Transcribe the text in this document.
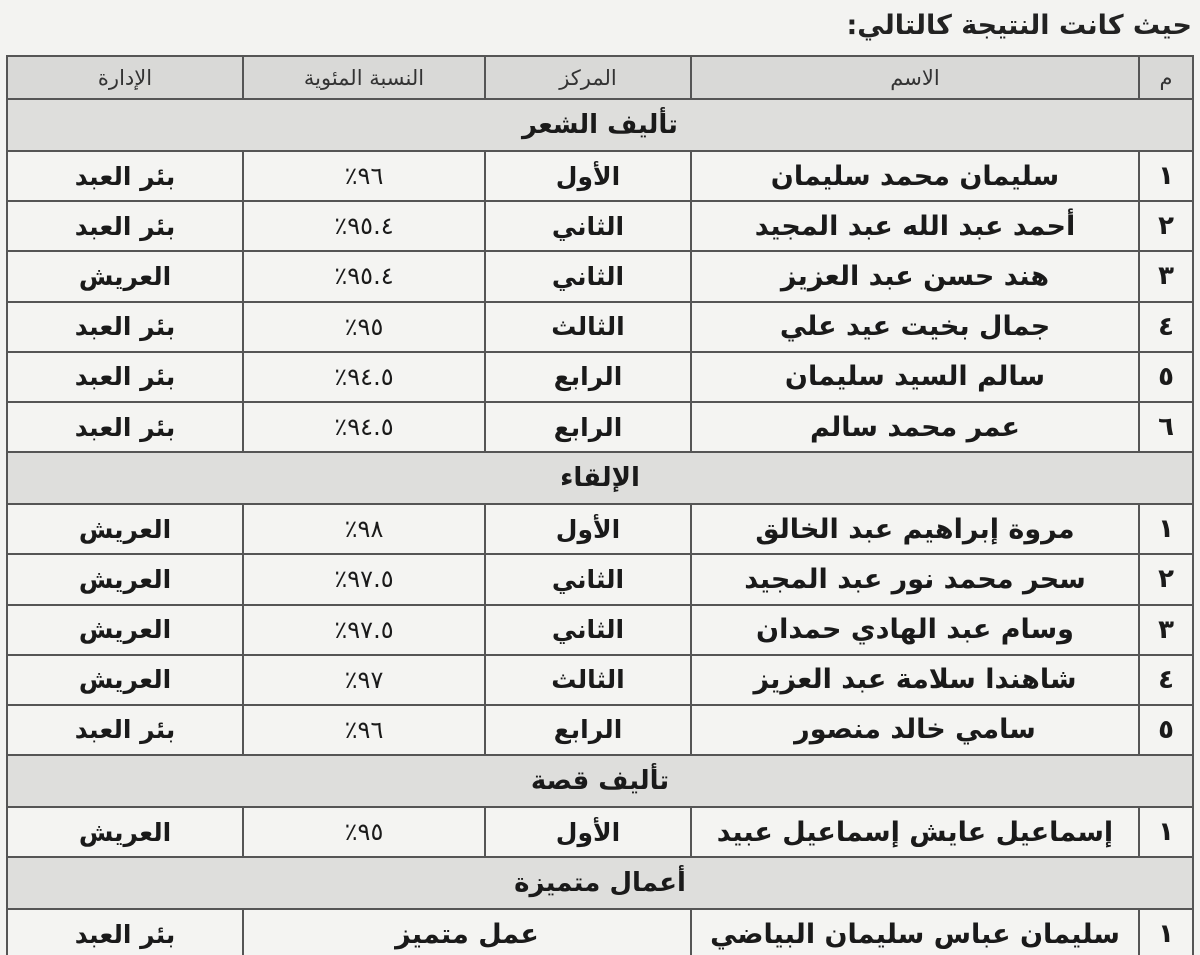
حيث كانت النتيجة كالتالي:
م	الاسم	المركز	النسبة المئوية	الإدارة
تأليف الشعر				
١	سليمان محمد سليمان	الأول	٩٦٪	بئر العبد
٢	أحمد عبد الله عبد المجيد	الثاني	٩٥.٤٪	بئر العبد
٣	هند حسن عبد العزيز	الثاني	٩٥.٤٪	العريش
٤	جمال بخيت عيد علي	الثالث	٩٥٪	بئر العبد
٥	سالم السيد سليمان	الرابع	٩٤.٥٪	بئر العبد
٦	عمر محمد سالم	الرابع	٩٤.٥٪	بئر العبد
الإلقاء				
١	مروة إبراهيم عبد الخالق	الأول	٩٨٪	العريش
٢	سحر محمد نور عبد المجيد	الثاني	٩٧.٥٪	العريش
٣	وسام عبد الهادي حمدان	الثاني	٩٧.٥٪	العريش
٤	شاهندا سلامة عبد العزيز	الثالث	٩٧٪	العريش
٥	سامي خالد منصور	الرابع	٩٦٪	بئر العبد
تأليف قصة				
١	إسماعيل عايش إسماعيل عبيد	الأول	٩٥٪	العريش
أعمال متميزة				
١	سليمان عباس سليمان البياضي	عمل متميز		بئر العبد
